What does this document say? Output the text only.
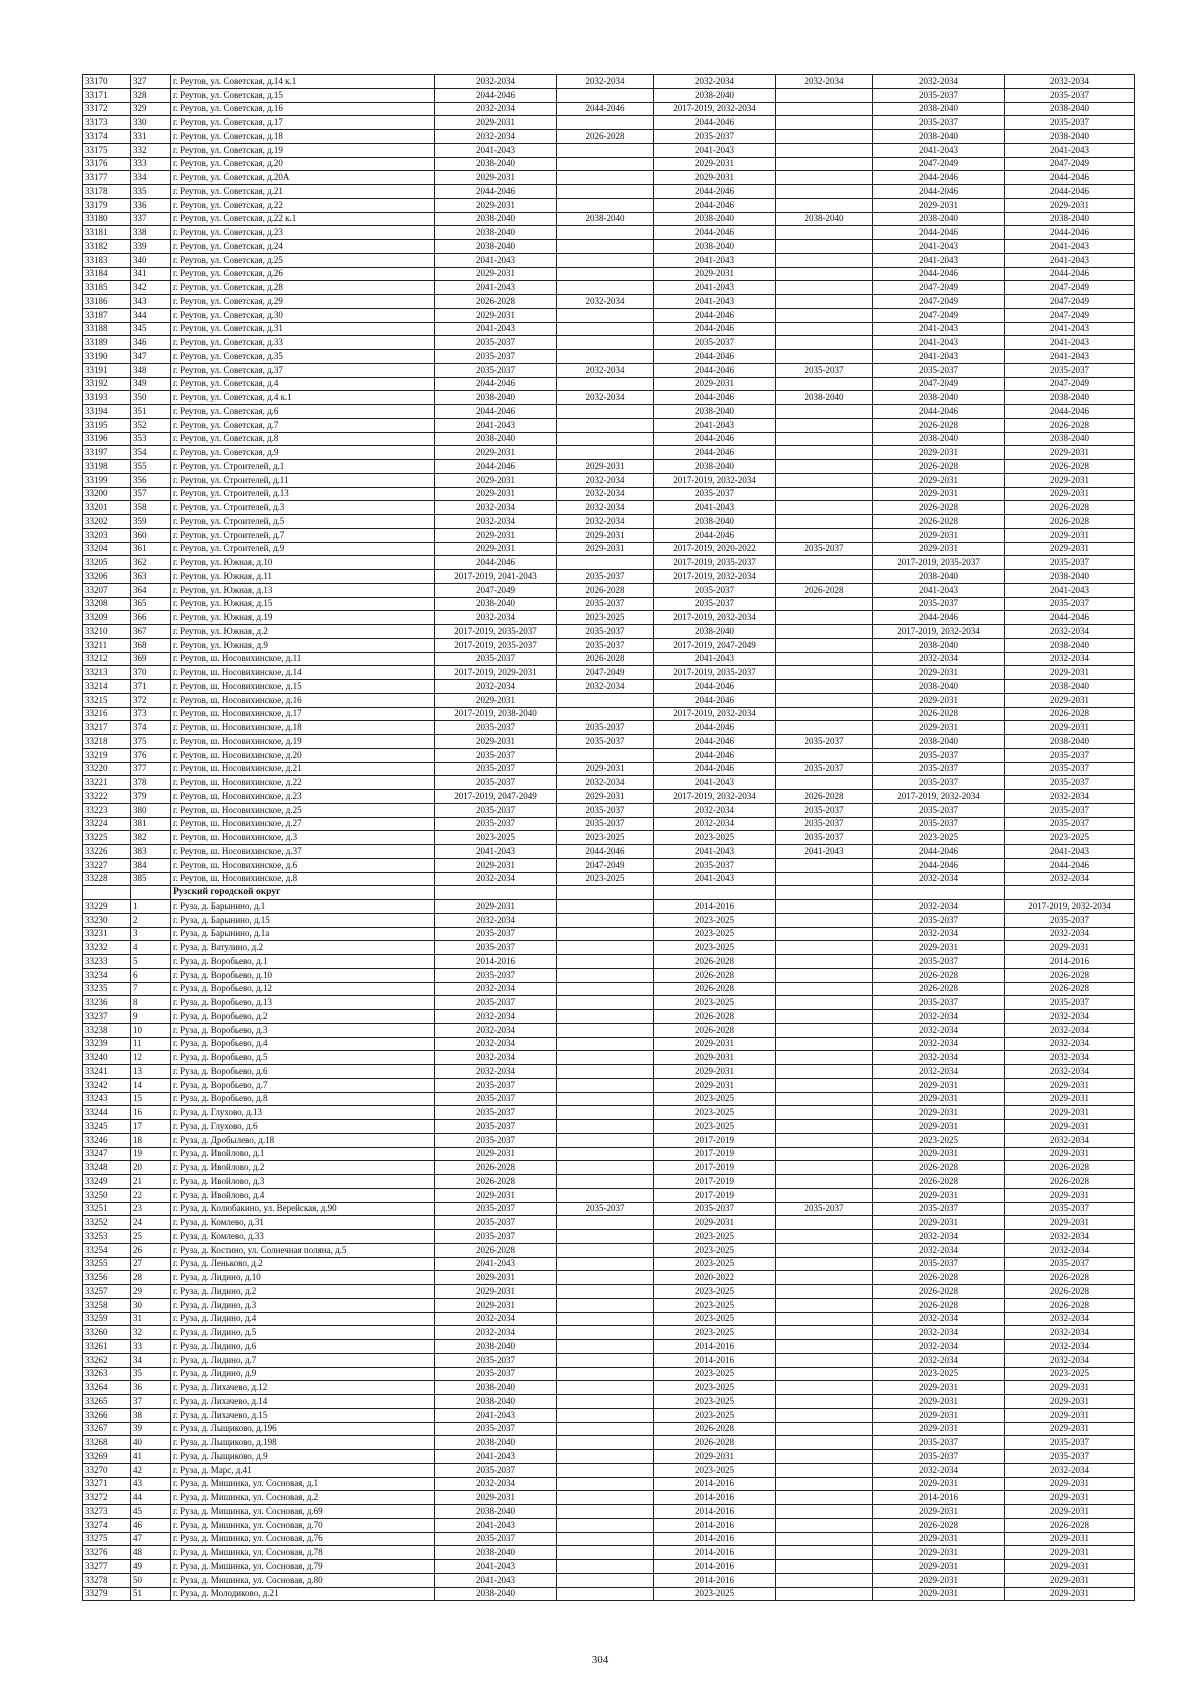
33170	327	г. Реутов, ул. Советская, д.14 к.1	2032-2034	2032-2034	2032-2034	2032-2034	2032-2034	2032-2034
33171	328	г. Реутов, ул. Советская, д.15	2044-2046		2038-2040		2035-2037	2035-2037
33172	329	г. Реутов, ул. Советская, д.16	2032-2034	2044-2046	2017-2019, 2032-2034		2038-2040	2038-2040
33173	330	г. Реутов, ул. Советская, д.17	2029-2031		2044-2046		2035-2037	2035-2037
33174	331	г. Реутов, ул. Советская, д.18	2032-2034	2026-2028	2035-2037		2038-2040	2038-2040
33175	332	г. Реутов, ул. Советская, д.19	2041-2043		2041-2043		2041-2043	2041-2043
33176	333	г. Реутов, ул. Советская, д.20	2038-2040		2029-2031		2047-2049	2047-2049
33177	334	г. Реутов, ул. Советская, д.20А	2029-2031		2029-2031		2044-2046	2044-2046
33178	335	г. Реутов, ул. Советская, д.21	2044-2046		2044-2046		2044-2046	2044-2046
33179	336	г. Реутов, ул. Советская, д.22	2029-2031		2044-2046		2029-2031	2029-2031
33180	337	г. Реутов, ул. Советская, д.22 к.1	2038-2040	2038-2040	2038-2040	2038-2040	2038-2040	2038-2040
33181	338	г. Реутов, ул. Советская, д.23	2038-2040		2044-2046		2044-2046	2044-2046
33182	339	г. Реутов, ул. Советская, д.24	2038-2040		2038-2040		2041-2043	2041-2043
33183	340	г. Реутов, ул. Советская, д.25	2041-2043		2041-2043		2041-2043	2041-2043
33184	341	г. Реутов, ул. Советская, д.26	2029-2031		2029-2031		2044-2046	2044-2046
33185	342	г. Реутов, ул. Советская, д.28	2041-2043		2041-2043		2047-2049	2047-2049
33186	343	г. Реутов, ул. Советская, д.29	2026-2028	2032-2034	2041-2043		2047-2049	2047-2049
33187	344	г. Реутов, ул. Советская, д.30	2029-2031		2044-2046		2047-2049	2047-2049
33188	345	г. Реутов, ул. Советская, д.31	2041-2043		2044-2046		2041-2043	2041-2043
33189	346	г. Реутов, ул. Советская, д.33	2035-2037		2035-2037		2041-2043	2041-2043
33190	347	г. Реутов, ул. Советская, д.35	2035-2037		2044-2046		2041-2043	2041-2043
33191	348	г. Реутов, ул. Советская, д.37	2035-2037	2032-2034	2044-2046	2035-2037	2035-2037	2035-2037
33192	349	г. Реутов, ул. Советская, д.4	2044-2046		2029-2031		2047-2049	2047-2049
33193	350	г. Реутов, ул. Советская, д.4 к.1	2038-2040	2032-2034	2044-2046	2038-2040	2038-2040	2038-2040
33194	351	г. Реутов, ул. Советская, д.6	2044-2046		2038-2040		2044-2046	2044-2046
33195	352	г. Реутов, ул. Советская, д.7	2041-2043		2041-2043		2026-2028	2026-2028
33196	353	г. Реутов, ул. Советская, д.8	2038-2040		2044-2046		2038-2040	2038-2040
33197	354	г. Реутов, ул. Советская, д.9	2029-2031		2044-2046		2029-2031	2029-2031
33198	355	г. Реутов, ул. Строителей, д.1	2044-2046	2029-2031	2038-2040		2026-2028	2026-2028
33199	356	г. Реутов, ул. Строителей, д.11	2029-2031	2032-2034	2017-2019, 2032-2034		2029-2031	2029-2031
33200	357	г. Реутов, ул. Строителей, д.13	2029-2031	2032-2034	2035-2037		2029-2031	2029-2031
33201	358	г. Реутов, ул. Строителей, д.3	2032-2034	2032-2034	2041-2043		2026-2028	2026-2028
33202	359	г. Реутов, ул. Строителей, д.5	2032-2034	2032-2034	2038-2040		2026-2028	2026-2028
33203	360	г. Реутов, ул. Строителей, д.7	2029-2031	2029-2031	2044-2046		2029-2031	2029-2031
33204	361	г. Реутов, ул. Строителей, д.9	2029-2031	2029-2031	2017-2019, 2020-2022	2035-2037	2029-2031	2029-2031
33205	362	г. Реутов, ул. Южная, д.10	2044-2046		2017-2019, 2035-2037		2017-2019, 2035-2037	2035-2037
33206	363	г. Реутов, ул. Южная, д.11	2017-2019, 2041-2043	2035-2037	2017-2019, 2032-2034		2038-2040	2038-2040
33207	364	г. Реутов, ул. Южная, д.13	2047-2049	2026-2028	2035-2037	2026-2028	2041-2043	2041-2043
33208	365	г. Реутов, ул. Южная, д.15	2038-2040	2035-2037	2035-2037		2035-2037	2035-2037
33209	366	г. Реутов, ул. Южная, д.19	2032-2034	2023-2025	2017-2019, 2032-2034		2044-2046	2044-2046
33210	367	г. Реутов, ул. Южная, д.2	2017-2019, 2035-2037	2035-2037	2038-2040		2017-2019, 2032-2034	2032-2034
33211	368	г. Реутов, ул. Южная, д.9	2017-2019, 2035-2037	2035-2037	2017-2019, 2047-2049		2038-2040	2038-2040
33212	369	г. Реутов, ш. Носовихинское, д.11	2035-2037	2026-2028	2041-2043		2032-2034	2032-2034
33213	370	г. Реутов, ш. Носовихинское, д.14	2017-2019, 2029-2031	2047-2049	2017-2019, 2035-2037		2029-2031	2029-2031
33214	371	г. Реутов, ш. Носовихинское, д.15	2032-2034	2032-2034	2044-2046		2038-2040	2038-2040
33215	372	г. Реутов, ш. Носовихинское, д.16	2029-2031		2044-2046		2029-2031	2029-2031
33216	373	г. Реутов, ш. Носовихинское, д.17	2017-2019, 2038-2040		2017-2019, 2032-2034		2026-2028	2026-2028
33217	374	г. Реутов, ш. Носовихинское, д.18	2035-2037	2035-2037	2044-2046		2029-2031	2029-2031
33218	375	г. Реутов, ш. Носовихинское, д.19	2029-2031	2035-2037	2044-2046	2035-2037	2038-2040	2038-2040
33219	376	г. Реутов, ш. Носовихинское, д.20	2035-2037		2044-2046		2035-2037	2035-2037
33220	377	г. Реутов, ш. Носовихинское, д.21	2035-2037	2029-2031	2044-2046	2035-2037	2035-2037	2035-2037
33221	378	г. Реутов, ш. Носовихинское, д.22	2035-2037	2032-2034	2041-2043		2035-2037	2035-2037
33222	379	г. Реутов, ш. Носовихинское, д.23	2017-2019, 2047-2049	2029-2031	2017-2019, 2032-2034	2026-2028	2017-2019, 2032-2034	2032-2034
33223	380	г. Реутов, ш. Носовихинское, д.25	2035-2037	2035-2037	2032-2034	2035-2037	2035-2037	2035-2037
33224	381	г. Реутов, ш. Носовихинское, д.27	2035-2037	2035-2037	2032-2034	2035-2037	2035-2037	2035-2037
33225	382	г. Реутов, ш. Носовихинское, д.3	2023-2025	2023-2025	2023-2025	2035-2037	2023-2025	2023-2025
33226	383	г. Реутов, ш. Носовихинское, д.37	2041-2043	2044-2046	2041-2043	2041-2043	2044-2046	2041-2043
33227	384	г. Реутов, ш. Носовихинское, д.6	2029-2031	2047-2049	2035-2037		2044-2046	2044-2046
33228	385	г. Реутов, ш. Носовихинское, д.8	2032-2034	2023-2025	2041-2043		2032-2034	2032-2034
		Рузский городской округ						
33229	1	г. Руза, д. Барынино, д.1	2029-2031		2014-2016		2032-2034	2017-2019, 2032-2034
33230	2	г. Руза, д. Барынино, д.15	2032-2034		2023-2025		2035-2037	2035-2037
33231	3	г. Руза, д. Барынино, д.1а	2035-2037		2023-2025		2032-2034	2032-2034
33232	4	г. Руза, д. Ватулино, д.2	2035-2037		2023-2025		2029-2031	2029-2031
33233	5	г. Руза, д. Воробьево, д.1	2014-2016		2026-2028		2035-2037	2014-2016
33234	6	г. Руза, д. Воробьево, д.10	2035-2037		2026-2028		2026-2028	2026-2028
33235	7	г. Руза, д. Воробьево, д.12	2032-2034		2026-2028		2026-2028	2026-2028
33236	8	г. Руза, д. Воробьево, д.13	2035-2037		2023-2025		2035-2037	2035-2037
33237	9	г. Руза, д. Воробьево, д.2	2032-2034		2026-2028		2032-2034	2032-2034
33238	10	г. Руза, д. Воробьево, д.3	2032-2034		2026-2028		2032-2034	2032-2034
33239	11	г. Руза, д. Воробьево, д.4	2032-2034		2029-2031		2032-2034	2032-2034
33240	12	г. Руза, д. Воробьево, д.5	2032-2034		2029-2031		2032-2034	2032-2034
33241	13	г. Руза, д. Воробьево, д.6	2032-2034		2029-2031		2032-2034	2032-2034
33242	14	г. Руза, д. Воробьево, д.7	2035-2037		2029-2031		2029-2031	2029-2031
33243	15	г. Руза, д. Воробьево, д.8	2035-2037		2023-2025		2029-2031	2029-2031
33244	16	г. Руза, д. Глухово, д.13	2035-2037		2023-2025		2029-2031	2029-2031
33245	17	г. Руза, д. Глухово, д.6	2035-2037		2023-2025		2029-2031	2029-2031
33246	18	г. Руза, д. Дробылево, д.18	2035-2037		2017-2019		2023-2025	2032-2034
33247	19	г. Руза, д. Ивойлово, д.1	2029-2031		2017-2019		2029-2031	2029-2031
33248	20	г. Руза, д. Ивойлово, д.2	2026-2028		2017-2019		2026-2028	2026-2028
33249	21	г. Руза, д. Ивойлово, д.3	2026-2028		2017-2019		2026-2028	2026-2028
33250	22	г. Руза, д. Ивойлово, д.4	2029-2031		2017-2019		2029-2031	2029-2031
33251	23	г. Руза, д. Колюбакино, ул. Верейская, д.90	2035-2037	2035-2037	2035-2037	2035-2037	2035-2037	2035-2037
33252	24	г. Руза, д. Комлево, д.31	2035-2037		2029-2031		2029-2031	2029-2031
33253	25	г. Руза, д. Комлево, д.33	2035-2037		2023-2025		2032-2034	2032-2034
33254	26	г. Руза, д. Костино, ул. Солнечная поляна, д.5	2026-2028		2023-2025		2032-2034	2032-2034
33255	27	г. Руза, д. Леньково, д.2	2041-2043		2023-2025		2035-2037	2035-2037
33256	28	г. Руза, д. Лидино, д.10	2029-2031		2020-2022		2026-2028	2026-2028
33257	29	г. Руза, д. Лидино, д.2	2029-2031		2023-2025		2026-2028	2026-2028
33258	30	г. Руза, д. Лидино, д.3	2029-2031		2023-2025		2026-2028	2026-2028
33259	31	г. Руза, д. Лидино, д.4	2032-2034		2023-2025		2032-2034	2032-2034
33260	32	г. Руза, д. Лидино, д.5	2032-2034		2023-2025		2032-2034	2032-2034
33261	33	г. Руза, д. Лидино, д.6	2038-2040		2014-2016		2032-2034	2032-2034
33262	34	г. Руза, д. Лидино, д.7	2035-2037		2014-2016		2032-2034	2032-2034
33263	35	г. Руза, д. Лидино, д.9	2035-2037		2023-2025		2023-2025	2023-2025
33264	36	г. Руза, д. Лихачево, д.12	2038-2040		2023-2025		2029-2031	2029-2031
33265	37	г. Руза, д. Лихачево, д.14	2038-2040		2023-2025		2029-2031	2029-2031
33266	38	г. Руза, д. Лихачево, д.15	2041-2043		2023-2025		2029-2031	2029-2031
33267	39	г. Руза, д. Лыщиково, д.196	2035-2037		2026-2028		2029-2031	2029-2031
33268	40	г. Руза, д. Лыщиково, д.198	2038-2040		2026-2028		2035-2037	2035-2037
33269	41	г. Руза, д. Лыщиково, д.9	2041-2043		2029-2031		2035-2037	2035-2037
33270	42	г. Руза, д. Марс, д.41	2035-2037		2023-2025		2032-2034	2032-2034
33271	43	г. Руза, д. Мишинка, ул. Сосновая, д.1	2032-2034		2014-2016		2029-2031	2029-2031
33272	44	г. Руза, д. Мишинка, ул. Сосновая, д.2	2029-2031		2014-2016		2014-2016	2029-2031
33273	45	г. Руза, д. Мишинка, ул. Сосновая, д.69	2038-2040		2014-2016		2029-2031	2029-2031
33274	46	г. Руза, д. Мишинка, ул. Сосновая, д.70	2041-2043		2014-2016		2026-2028	2026-2028
33275	47	г. Руза, д. Мишинка, ул. Сосновая, д.76	2035-2037		2014-2016		2029-2031	2029-2031
33276	48	г. Руза, д. Мишинка, ул. Сосновая, д.78	2038-2040		2014-2016		2029-2031	2029-2031
33277	49	г. Руза, д. Мишинка, ул. Сосновая, д.79	2041-2043		2014-2016		2029-2031	2029-2031
33278	50	г. Руза, д. Мишинка, ул. Сосновая, д.80	2041-2043		2014-2016		2029-2031	2029-2031
33279	51	г. Руза, д. Молодиково, д.21	2038-2040		2023-2025		2029-2031	2029-2031
304
